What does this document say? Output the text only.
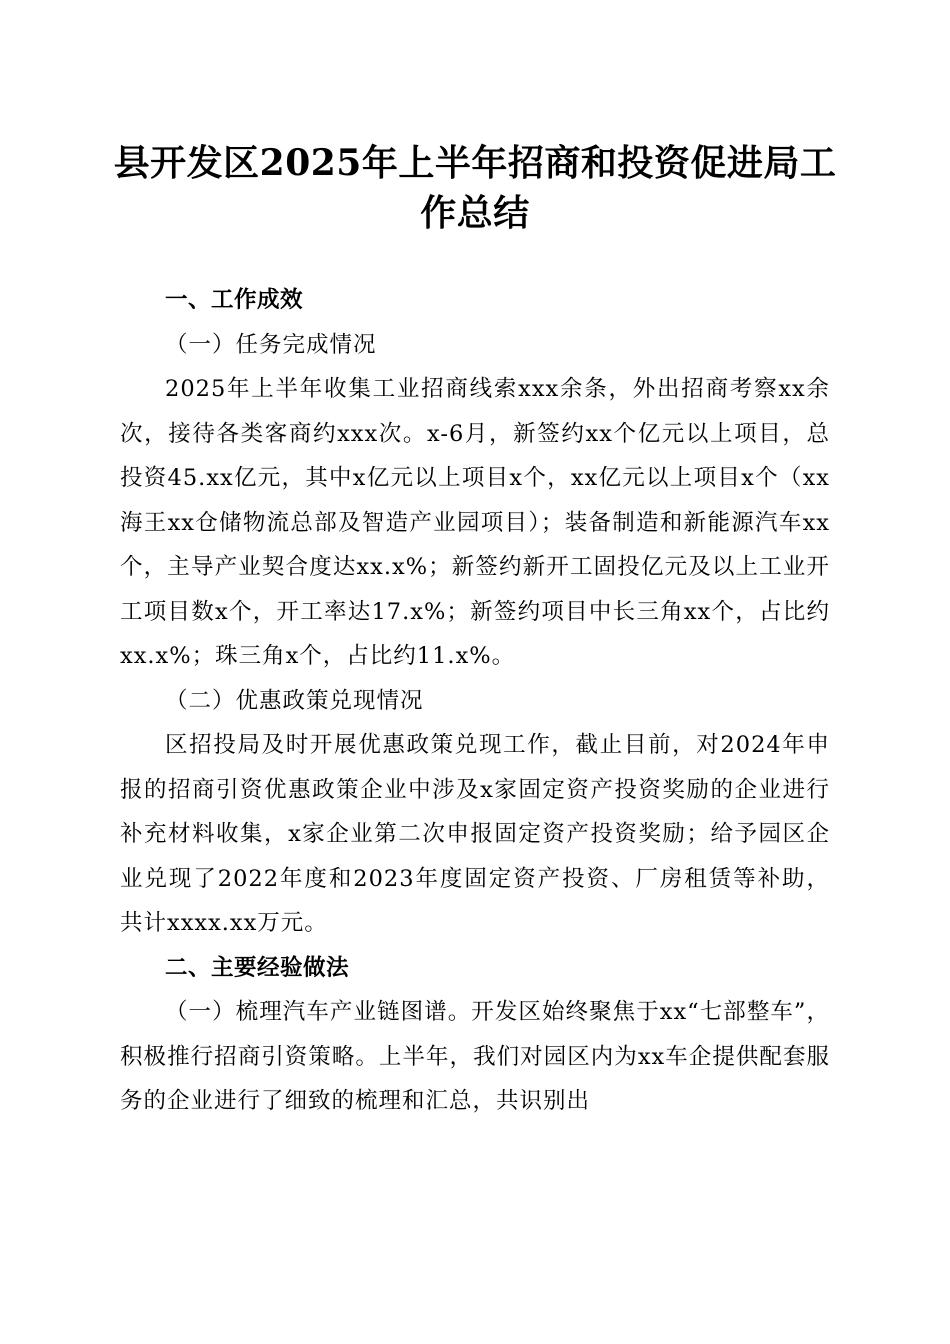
县开发区2025年上半年招商和投资促进局工作总结

一、工作成效

（一）任务完成情况

2025年上半年收集工业招商线索xxx余条，外出招商考察xx余次，接待各类客商约xxx次。x-6月，新签约xx个亿元以上项目，总投资45.xx亿元，其中x亿元以上项目x个，xx亿元以上项目x个（xx海王xx仓储物流总部及智造产业园项目）；装备制造和新能源汽车xx个，主导产业契合度达xx.x%；新签约新开工固投亿元及以上工业开工项目数x个，开工率达17.x%；新签约项目中长三角xx个，占比约xx.x%；珠三角x个，占比约11.x%。

（二）优惠政策兑现情况

区招投局及时开展优惠政策兑现工作，截止目前，对2024年申报的招商引资优惠政策企业中涉及x家固定资产投资奖励的企业进行补充材料收集，x家企业第二次申报固定资产投资奖励；给予园区企业兑现了2022年度和2023年度固定资产投资、厂房租赁等补助，共计xxxx.xx万元。

二、主要经验做法

（一）梳理汽车产业链图谱。开发区始终聚焦于xx“七部整车”，积极推行招商引资策略。上半年，我们对园区内为xx车企提供配套服务的企业进行了细致的梳理和汇总，共识别出
